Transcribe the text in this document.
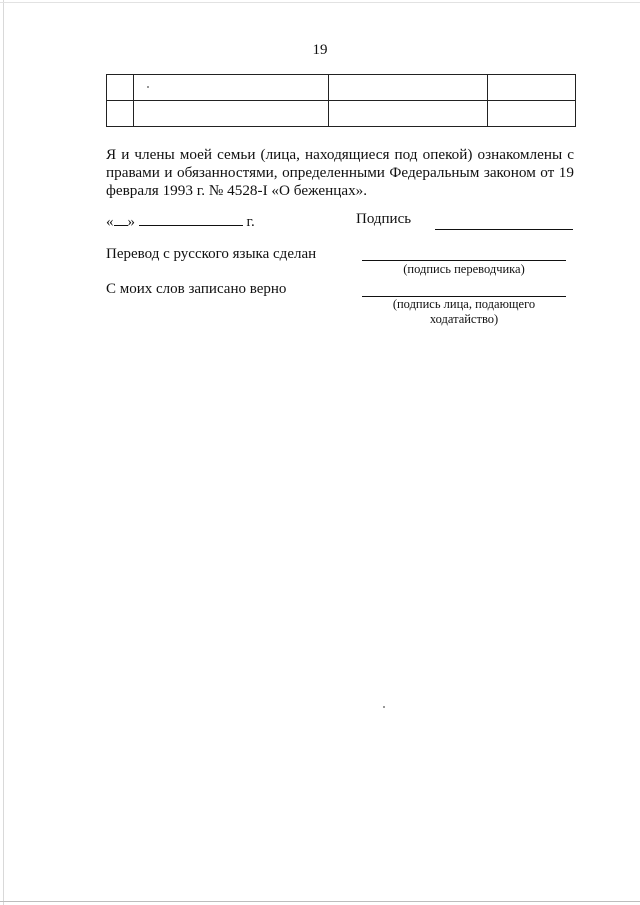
19

Я и члены моей семьи (лица, находящиеся под опекой) ознакомлены с правами и обязанностями, определенными Федеральным законом от 19 февраля 1993 г. № 4528-I «О беженцах».
« »	г.	Подпись
Перевод с русского языка сделан
(подпись переводчика)
С моих слов записано верно
(подпись лица, подающего
ходатайство)
